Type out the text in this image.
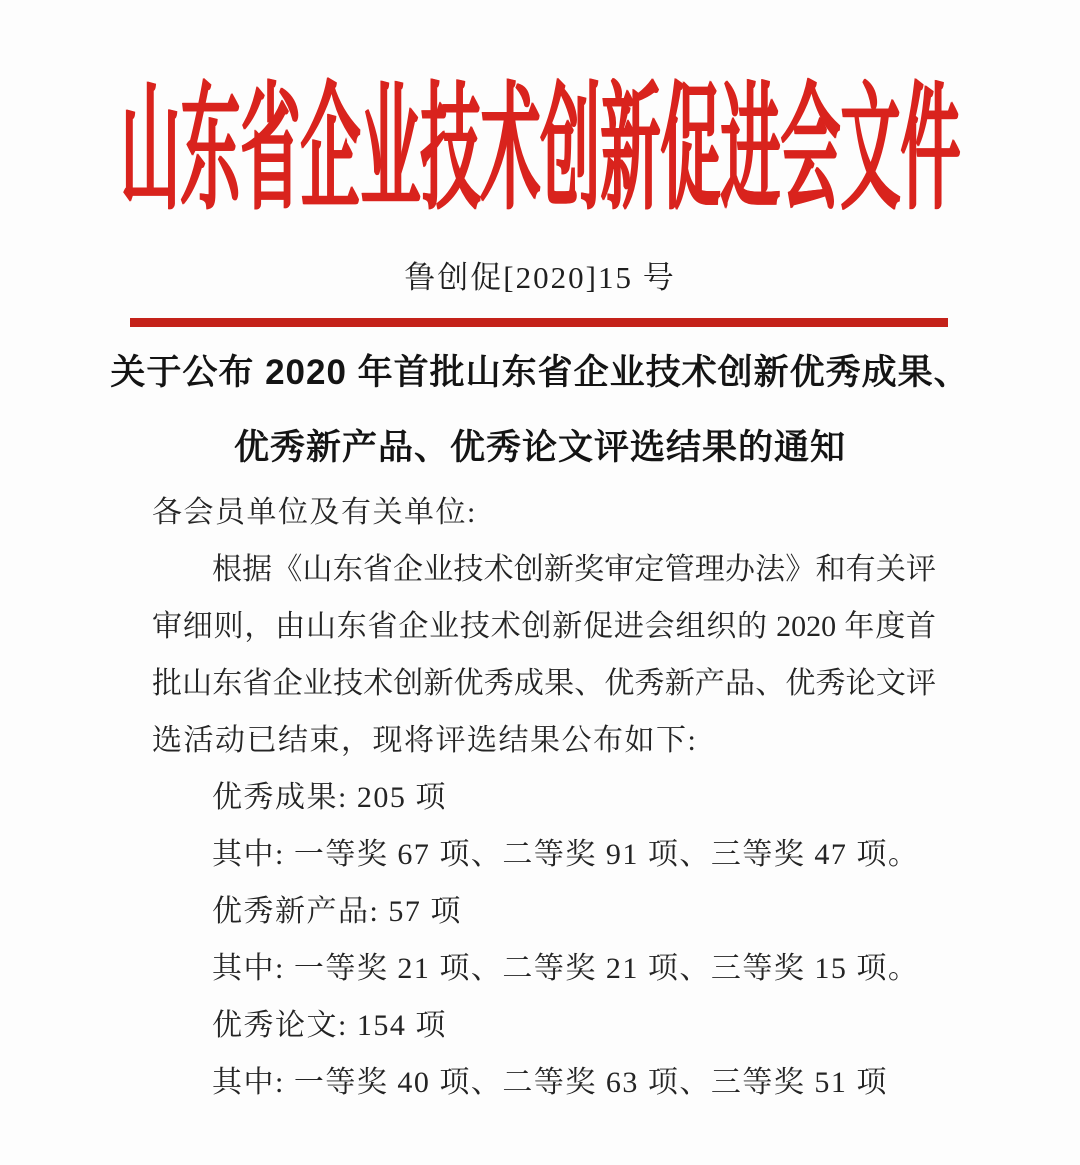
山东省企业技术创新促进会文件
鲁创促[2020]15 号
关于公布 2020 年首批山东省企业技术创新优秀成果、
优秀新产品、优秀论文评选结果的通知
各会员单位及有关单位:
根据《山东省企业技术创新奖审定管理办法》和有关评
审细则，由山东省企业技术创新促进会组织的 2020 年度首
批山东省企业技术创新优秀成果、优秀新产品、优秀论文评
选活动已结束，现将评选结果公布如下:
优秀成果: 205 项
其中: 一等奖 67 项、二等奖 91 项、三等奖 47 项。
优秀新产品: 57 项
其中: 一等奖 21 项、二等奖 21 项、三等奖 15 项。
优秀论文: 154 项
其中: 一等奖 40 项、二等奖 63 项、三等奖 51 项
